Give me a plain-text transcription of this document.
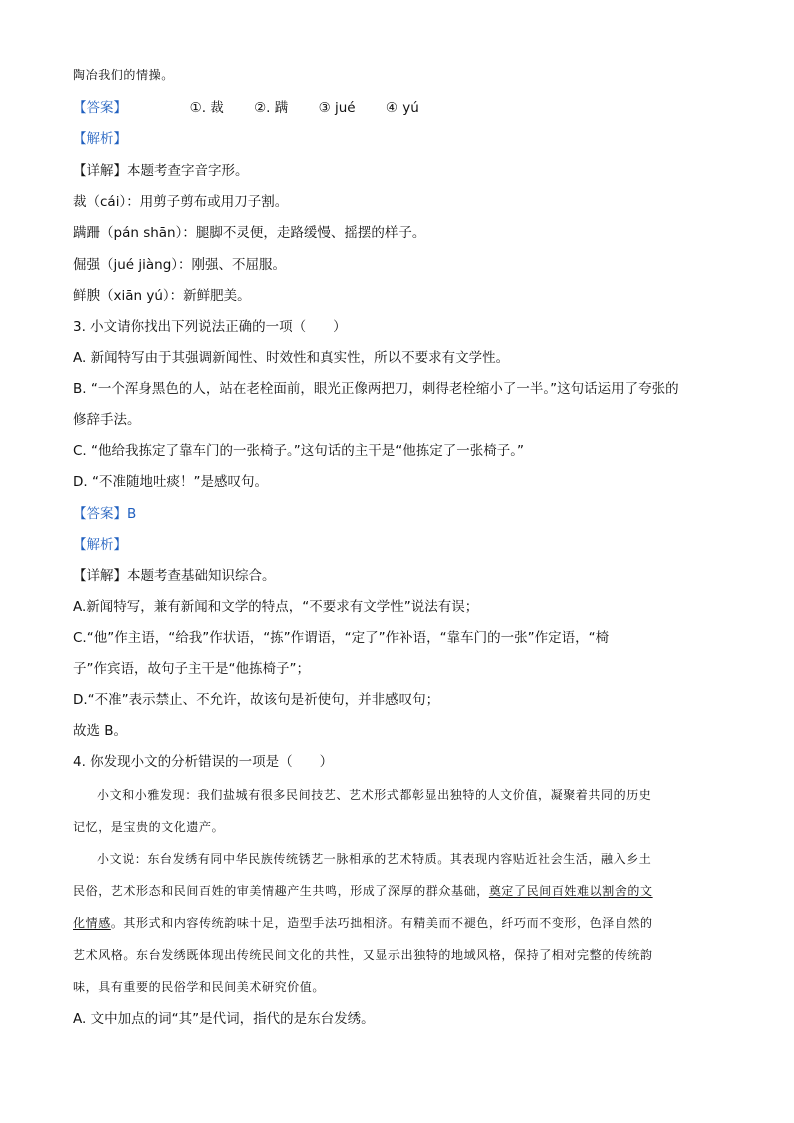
陶冶我们的情操。
【答案】	①. 裁 ②. 蹒 ③ jué ④ yú
【解析】
【详解】本题考查字音字形。
裁（cái）：用剪子剪布或用刀子割。
蹒跚（pán shān）：腿脚不灵便，走路缓慢、摇摆的样子。
倔强（jué jiàng）：刚强、不屈服。
鲜腴（xiān yú）：新鲜肥美。
3. 小文请你找出下列说法正确的一项（　　）
A. 新闻特写由于其强调新闻性、时效性和真实性，所以不要求有文学性。
B. “一个浑身黑色的人，站在老栓面前，眼光正像两把刀，刺得老栓缩小了一半。”这句话运用了夸张的
修辞手法。
C. “他给我拣定了靠车门的一张椅子。”这句话的主干是“他拣定了一张椅子。”
D. “不准随地吐痰！”是感叹句。
【答案】B
【解析】
【详解】本题考查基础知识综合。
A.新闻特写，兼有新闻和文学的特点，“不要求有文学性”说法有误；
C.“他”作主语，“给我”作状语，“拣”作谓语，“定了”作补语，“靠车门的一张”作定语，“椅
子”作宾语，故句子主干是“他拣椅子”；
D.“不准”表示禁止、不允许，故该句是祈使句，并非感叹句；
故选 B。
4. 你发现小文的分析错误的一项是（　　）
小文和小雅发现：我们盐城有很多民间技艺、艺术形式都彰显出独特的人文价值，凝聚着共同的历史
记忆，是宝贵的文化遗产。
小文说：东台发绣有同中华民族传统锈艺一脉相承的艺术特质。其表现内容贴近社会生活，融入乡土
民俗，艺术形态和民间百姓的审美情趣产生共鸣，形成了深厚的群众基础，奠定了民间百姓难以割舍的文
化情感。其形式和内容传统韵味十足，造型手法巧拙相济。有精美而不褪色，纤巧而不变形，色泽自然的
艺术风格。东台发绣既体现出传统民间文化的共性，又显示出独特的地域风格，保持了相对完整的传统韵
味，具有重要的民俗学和民间美术研究价值。
A. 文中加点的词“其”是代词，指代的是东台发绣。
